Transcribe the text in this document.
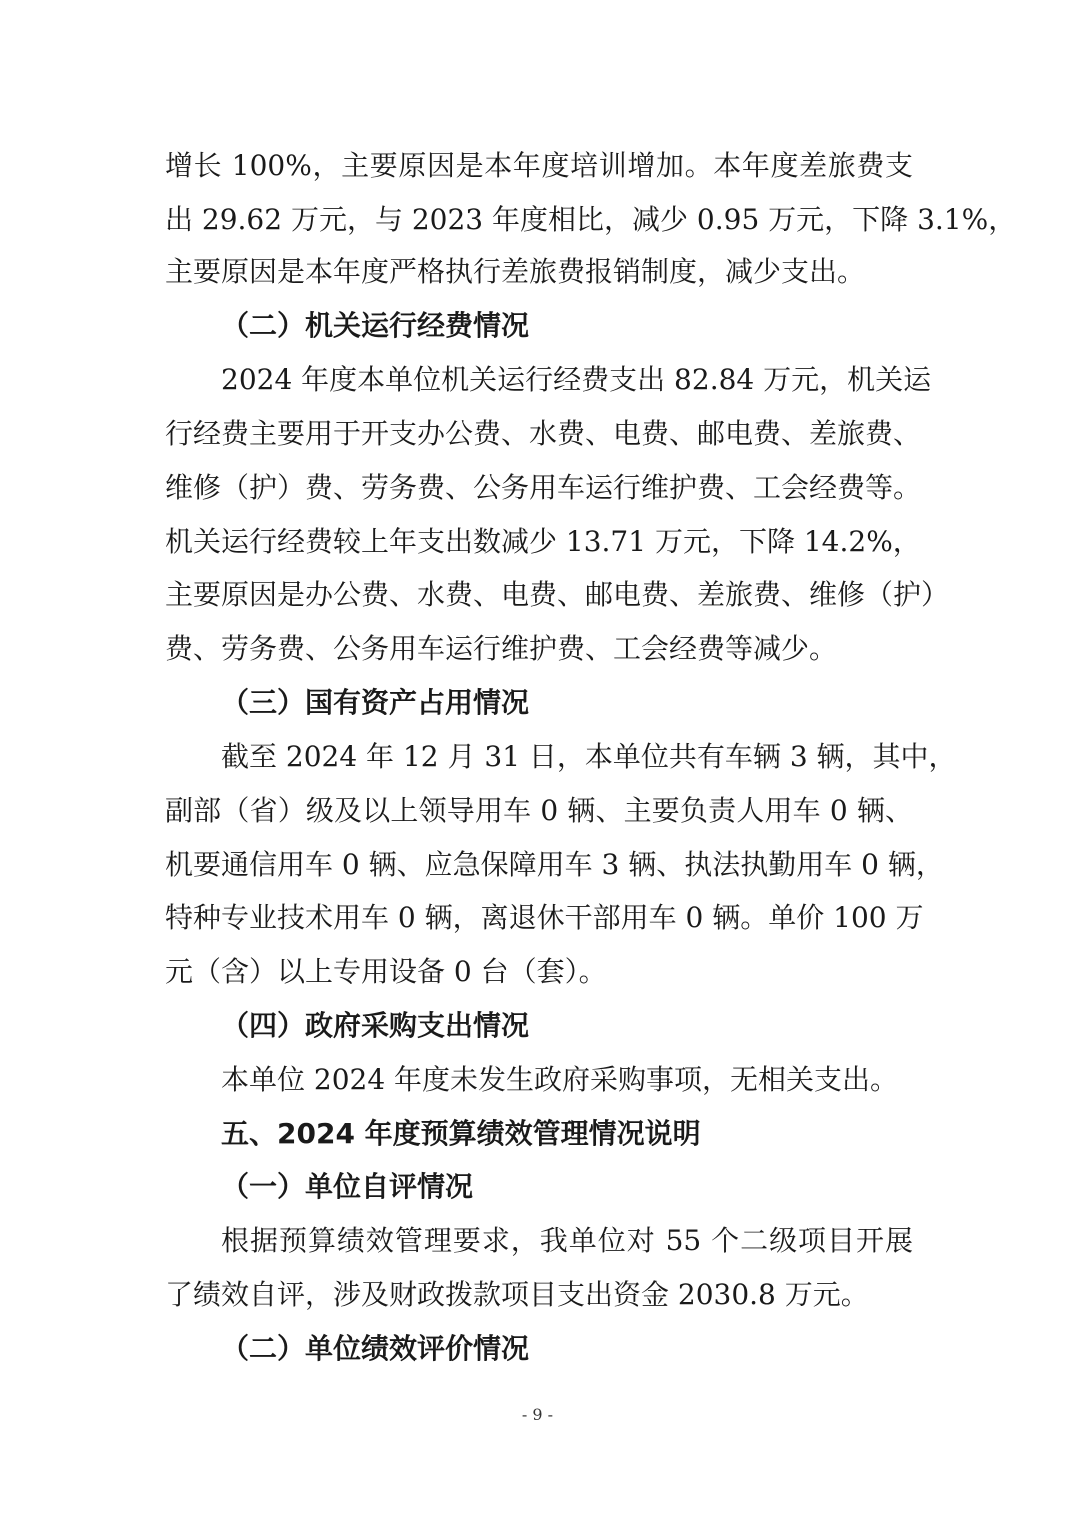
增长 100%，主要原因是本年度培训增加。本年度差旅费支
出 29.62 万元，与 2023 年度相比，减少 0.95 万元，下降 3.1%，
主要原因是本年度严格执行差旅费报销制度，减少支出。
（二）机关运行经费情况
2024 年度本单位机关运行经费支出 82.84 万元，机关运
行经费主要用于开支办公费、水费、电费、邮电费、差旅费、
维修（护）费、劳务费、公务用车运行维护费、工会经费等。
机关运行经费较上年支出数减少 13.71 万元，下降 14.2%，
主要原因是办公费、水费、电费、邮电费、差旅费、维修（护）
费、劳务费、公务用车运行维护费、工会经费等减少。
（三）国有资产占用情况
截至 2024 年 12 月 31 日，本单位共有车辆 3 辆，其中，
副部（省）级及以上领导用车 0 辆、主要负责人用车 0 辆、
机要通信用车 0 辆、应急保障用车 3 辆、执法执勤用车 0 辆，
特种专业技术用车 0 辆，离退休干部用车 0 辆。单价 100 万
元（含）以上专用设备 0 台（套）。
（四）政府采购支出情况
本单位 2024 年度未发生政府采购事项，无相关支出。
五、2024 年度预算绩效管理情况说明
（一）单位自评情况
根据预算绩效管理要求，我单位对 55 个二级项目开展
了绩效自评，涉及财政拨款项目支出资金 2030.8 万元。
（二）单位绩效评价情况
- 9 -
